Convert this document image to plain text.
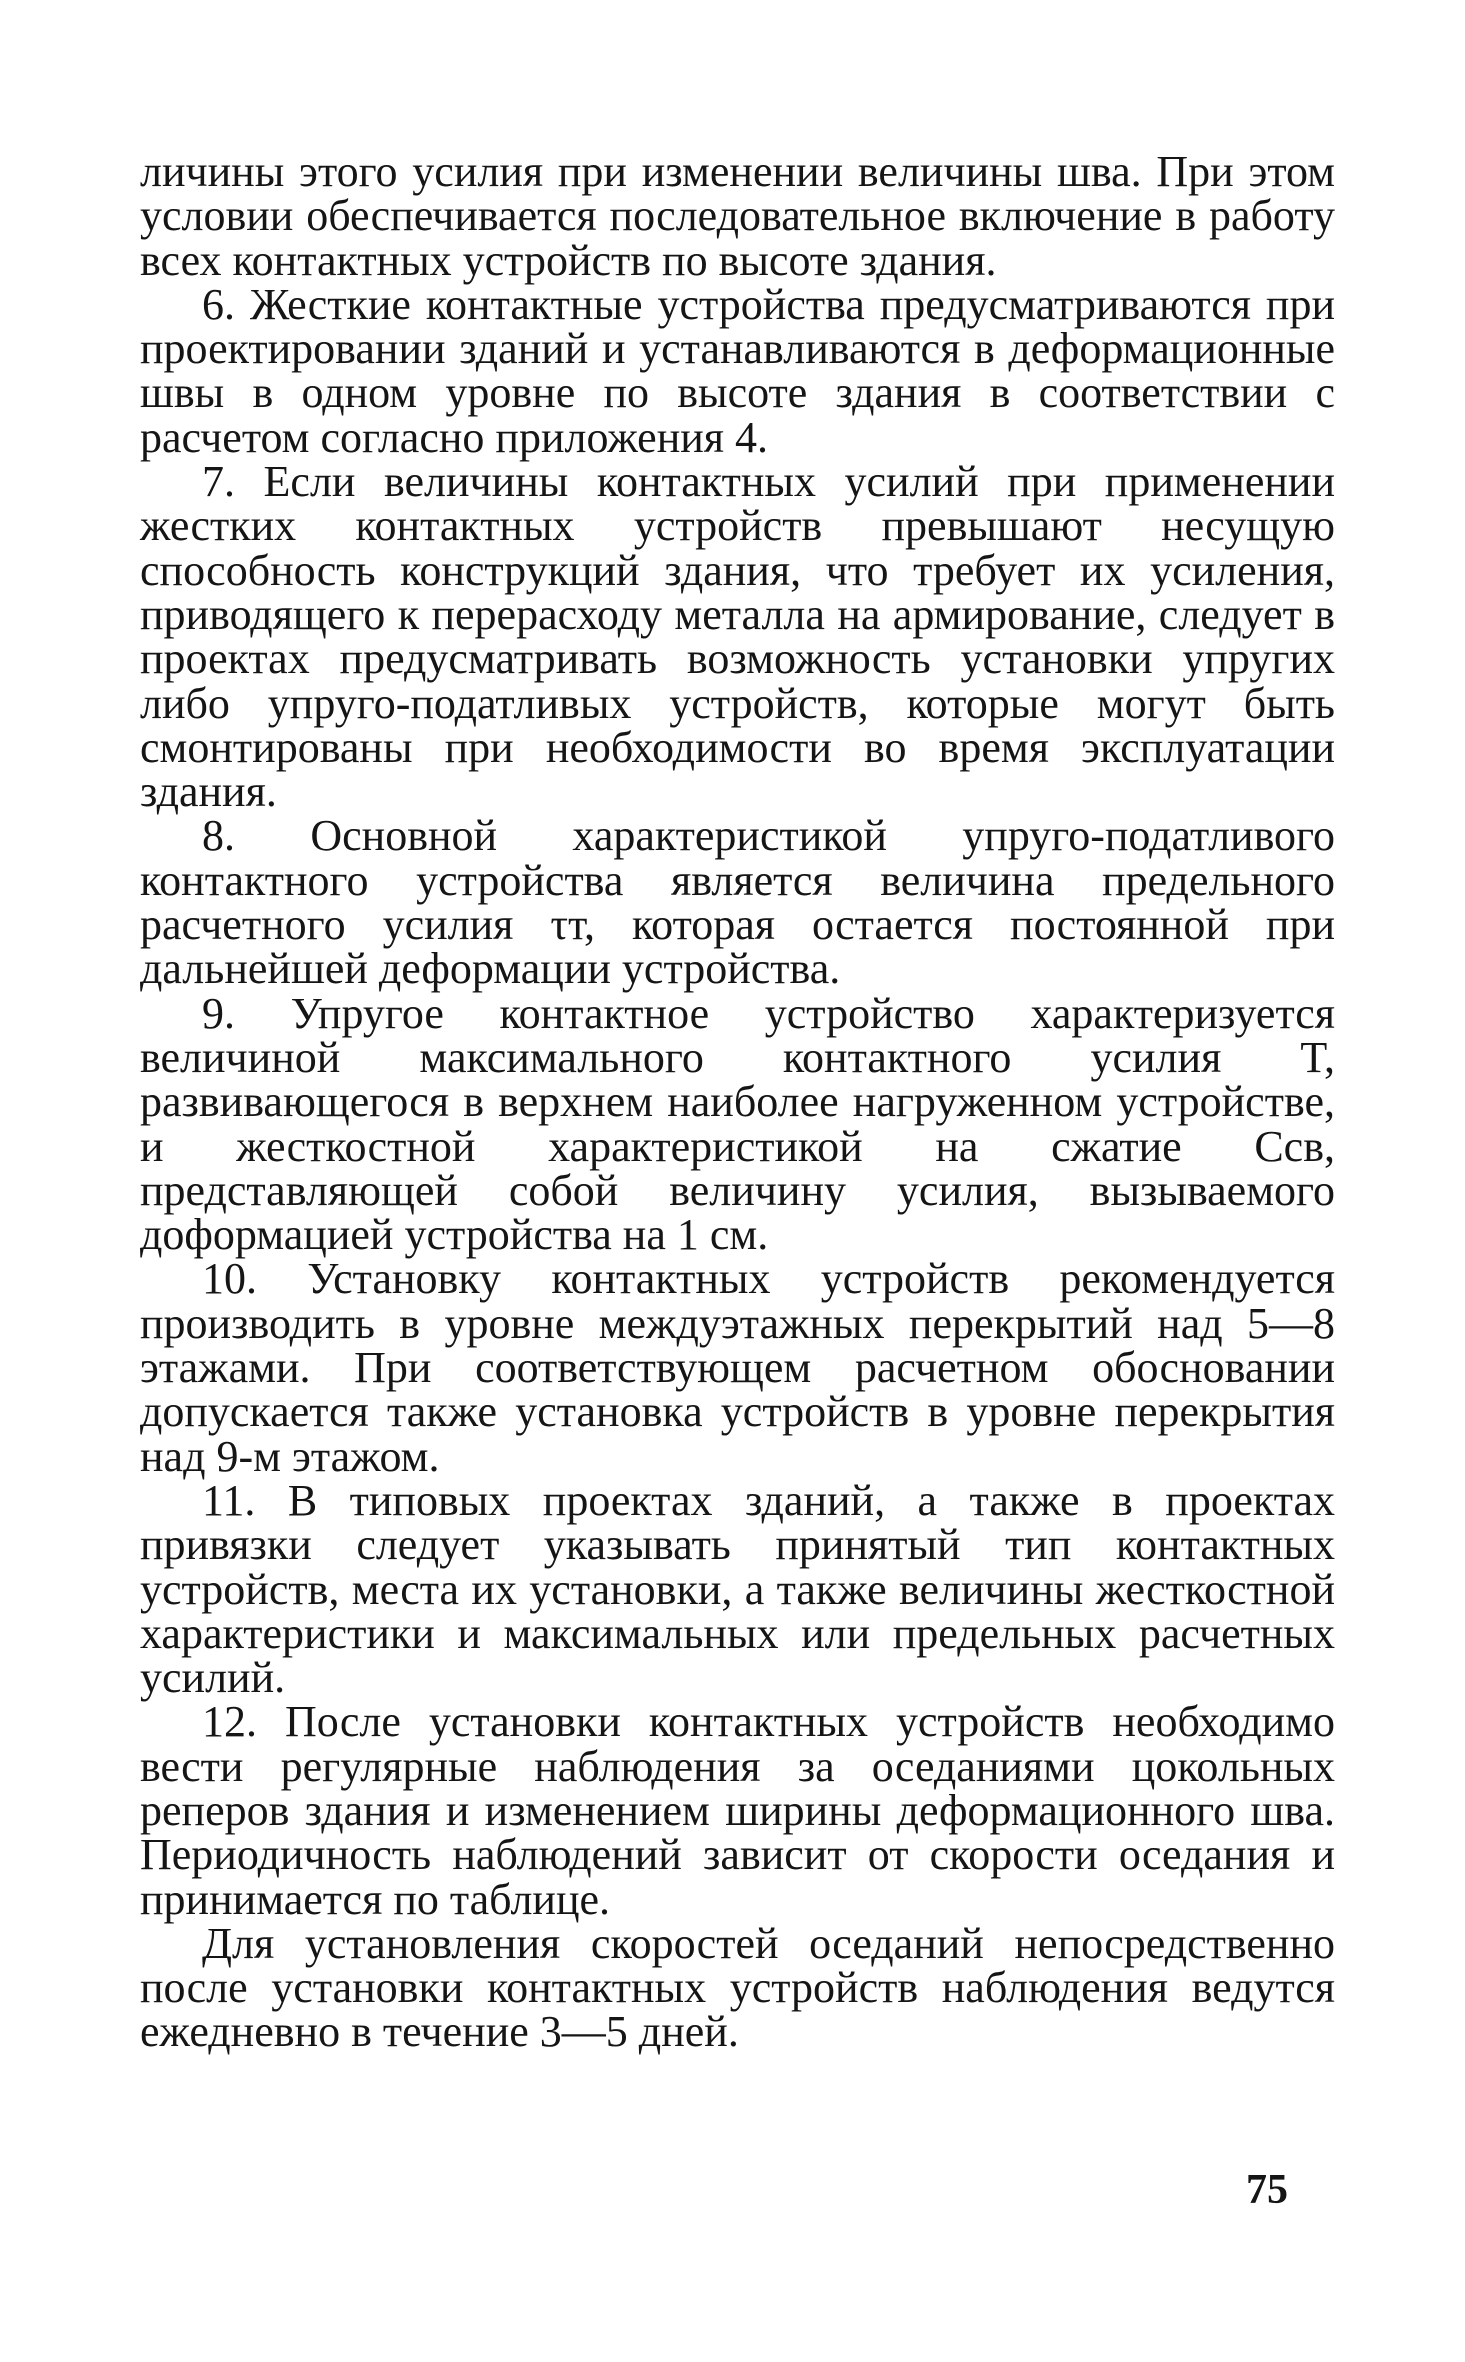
личины этого усилия при изменении величины шва. При этом условии обеспечивается последовательное включение в работу всех контактных устройств по высоте здания.

6. Жесткие контактные устройства предусматриваются при проектировании зданий и устанавливаются в деформационные швы в одном уровне по высоте здания в соответствии с расчетом согласно приложения 4.

7. Если величины контактных усилий при применении жестких контактных устройств превышают несущую способность конструкций здания, что требует их усиления, приводящего к перерасходу металла на армирование, следует в проектах предусматривать возможность установки упругих либо упруго-податливых устройств, которые могут быть смонтированы при необходимости во время эксплуатации здания.

8. Основной характеристикой упруго-податливого контактного устройства является величина предельного расчетного усилия τт, которая остается постоянной при дальнейшей деформации устройства.

9. Упругое контактное устройство характеризуется величиной максимального контактного усилия T, развивающегося в верхнем наиболее нагруженном устройстве, и жесткостной характеристикой на сжатие Cсв, представляющей собой величину усилия, вызываемого доформацией устройства на 1 см.

10. Установку контактных устройств рекомендуется производить в уровне междуэтажных перекрытий над 5—8 этажами. При соответствующем расчетном обосновании допускается также установка устройств в уровне перекрытия над 9-м этажом.

11. В типовых проектах зданий, а также в проектах привязки следует указывать принятый тип контактных устройств, места их установки, а также величины жесткостной характеристики и максимальных или предельных расчетных усилий.

12. После установки контактных устройств необходимо вести регулярные наблюдения за оседаниями цокольных реперов здания и изменением ширины деформационного шва. Периодичность наблюдений зависит от скорости оседания и принимается по таблице.

Для установления скоростей оседаний непосредственно после установки контактных устройств наблюдения ведутся ежедневно в течение 3—5 дней.

75
